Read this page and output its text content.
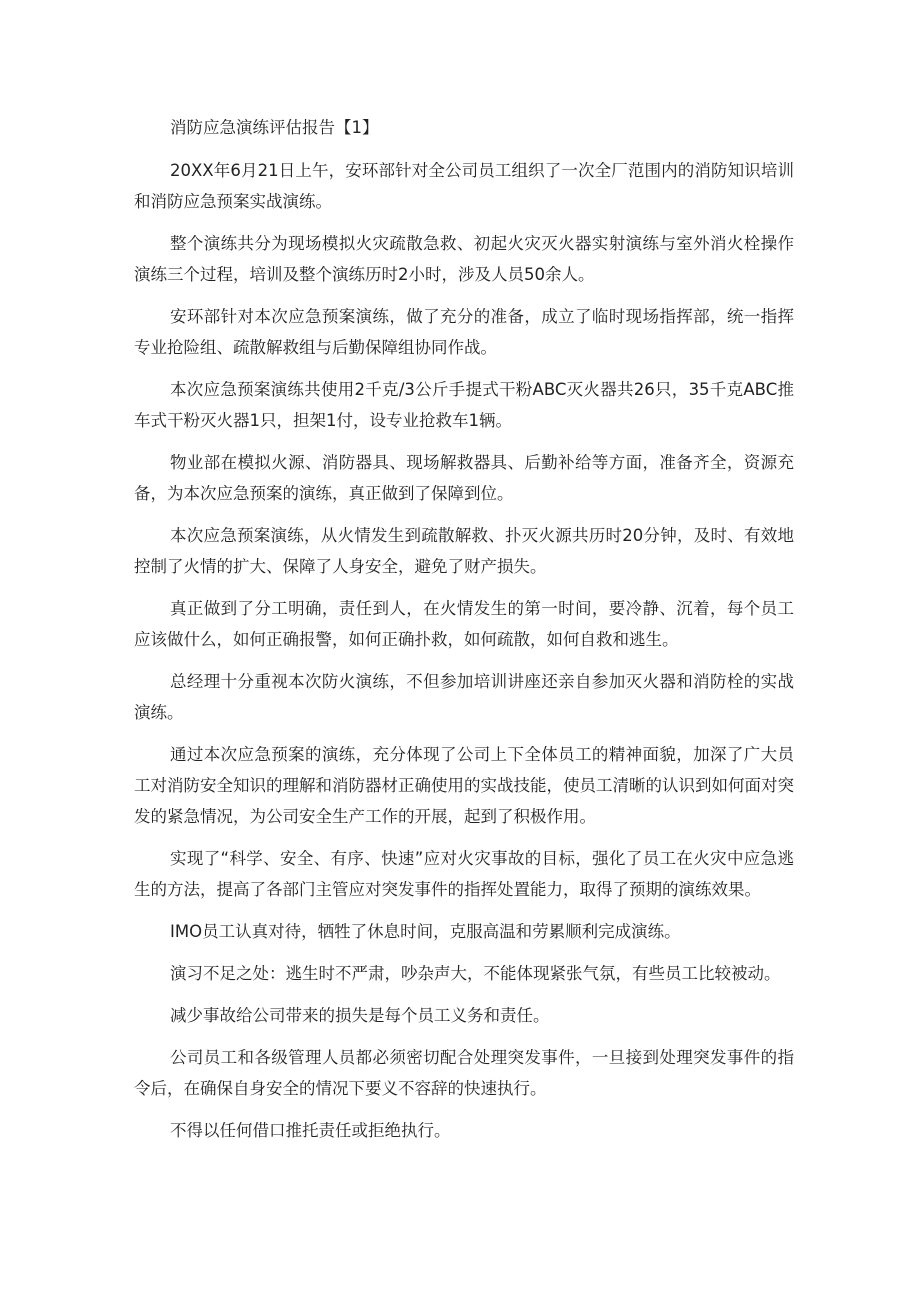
消防应急演练评估报告【1】

20XX年6月21日上午，安环部针对全公司员工组织了一次全厂范围内的消防知识培训和消防应急预案实战演练。

整个演练共分为现场模拟火灾疏散急救、初起火灾灭火器实射演练与室外消火栓操作演练三个过程，培训及整个演练历时2小时，涉及人员50余人。

安环部针对本次应急预案演练，做了充分的准备，成立了临时现场指挥部，统一指挥专业抢险组、疏散解救组与后勤保障组协同作战。

本次应急预案演练共使用2千克/3公斤手提式干粉ABC灭火器共26只，35千克ABC推车式干粉灭火器1只，担架1付，设专业抢救车1辆。

物业部在模拟火源、消防器具、现场解救器具、后勤补给等方面，准备齐全，资源充备，为本次应急预案的演练，真正做到了保障到位。

本次应急预案演练，从火情发生到疏散解救、扑灭火源共历时20分钟，及时、有效地控制了火情的扩大、保障了人身安全，避免了财产损失。

真正做到了分工明确，责任到人，在火情发生的第一时间，要冷静、沉着，每个员工应该做什么，如何正确报警，如何正确扑救，如何疏散，如何自救和逃生。

总经理十分重视本次防火演练，不但参加培训讲座还亲自参加灭火器和消防栓的实战演练。

通过本次应急预案的演练，充分体现了公司上下全体员工的精神面貌，加深了广大员工对消防安全知识的理解和消防器材正确使用的实战技能，使员工清晰的认识到如何面对突发的紧急情况，为公司安全生产工作的开展，起到了积极作用。

实现了“科学、安全、有序、快速”应对火灾事故的目标，强化了员工在火灾中应急逃生的方法，提高了各部门主管应对突发事件的指挥处置能力，取得了预期的演练效果。

IMO员工认真对待，牺牲了休息时间，克服高温和劳累顺利完成演练。

演习不足之处：逃生时不严肃，吵杂声大，不能体现紧张气氛，有些员工比较被动。

减少事故给公司带来的损失是每个员工义务和责任。

公司员工和各级管理人员都必须密切配合处理突发事件，一旦接到处理突发事件的指令后，在确保自身安全的情况下要义不容辞的快速执行。

不得以任何借口推托责任或拒绝执行。
